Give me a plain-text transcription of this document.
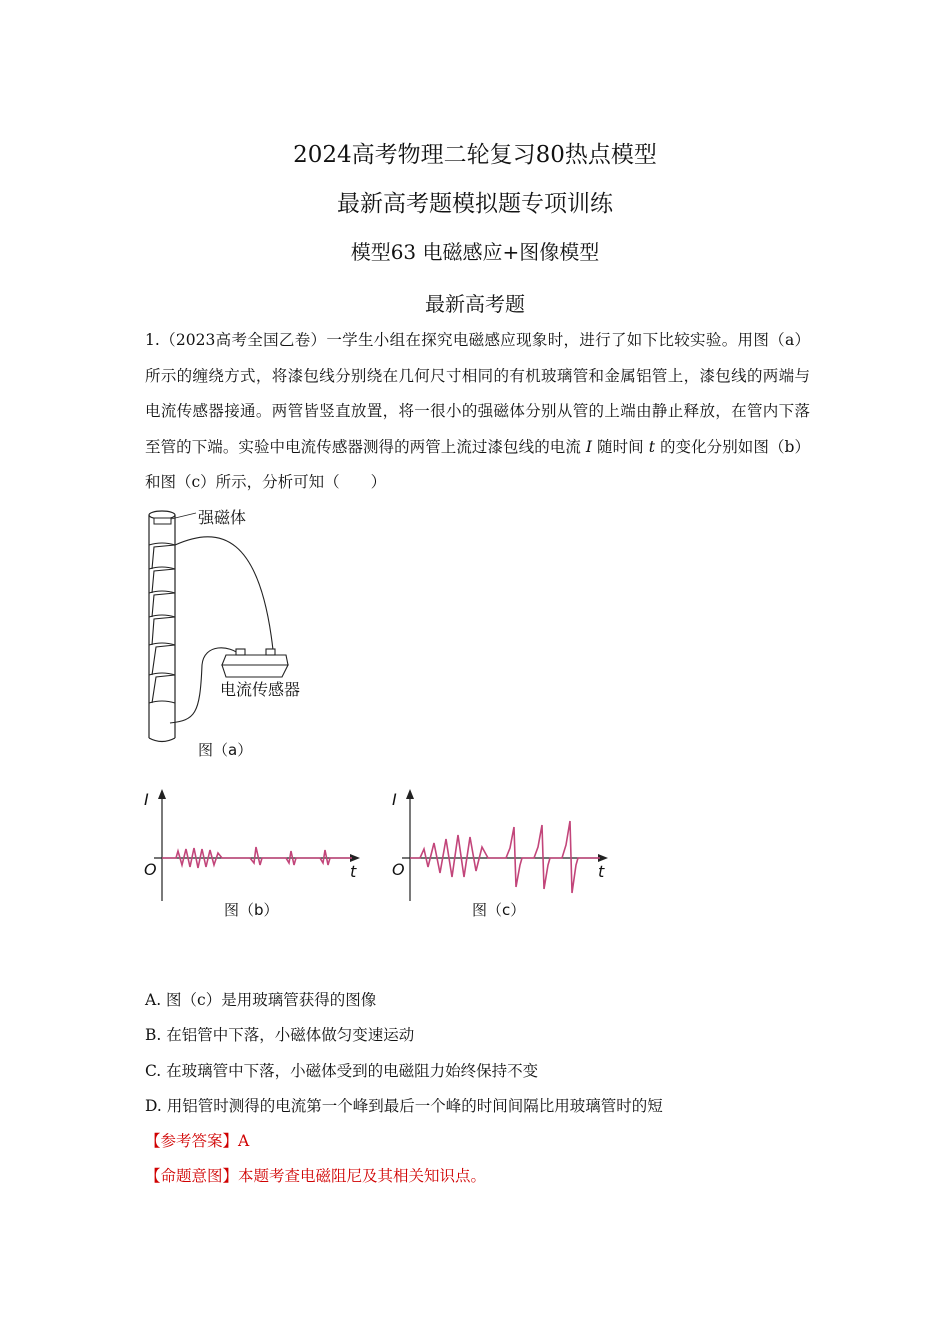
2024高考物理二轮复习80热点模型
最新高考题模拟题专项训练
模型63 电磁感应+图像模型
最新高考题
1.（2023高考全国乙卷）一学生小组在探究电磁感应现象时，进行了如下比较实验。用图（a）所示的缠绕方式，将漆包线分别绕在几何尺寸相同的有机玻璃管和金属铝管上，漆包线的两端与电流传感器接通。两管皆竖直放置，将一很小的强磁体分别从管的上端由静止释放，在管内下落至管的下端。实验中电流传感器测得的两管上流过漆包线的电流 I 随时间 t 的变化分别如图（b）和图（c）所示，分析可知（　　）
强磁体
电流传感器
图（a）
I
O	t
图（b）
I
O	t
图（c）
A. 图（c）是用玻璃管获得的图像
B. 在铝管中下落，小磁体做匀变速运动
C. 在玻璃管中下落，小磁体受到的电磁阻力始终保持不变
D. 用铝管时测得的电流第一个峰到最后一个峰的时间间隔比用玻璃管时的短
【参考答案】A
【命题意图】本题考查电磁阻尼及其相关知识点。
